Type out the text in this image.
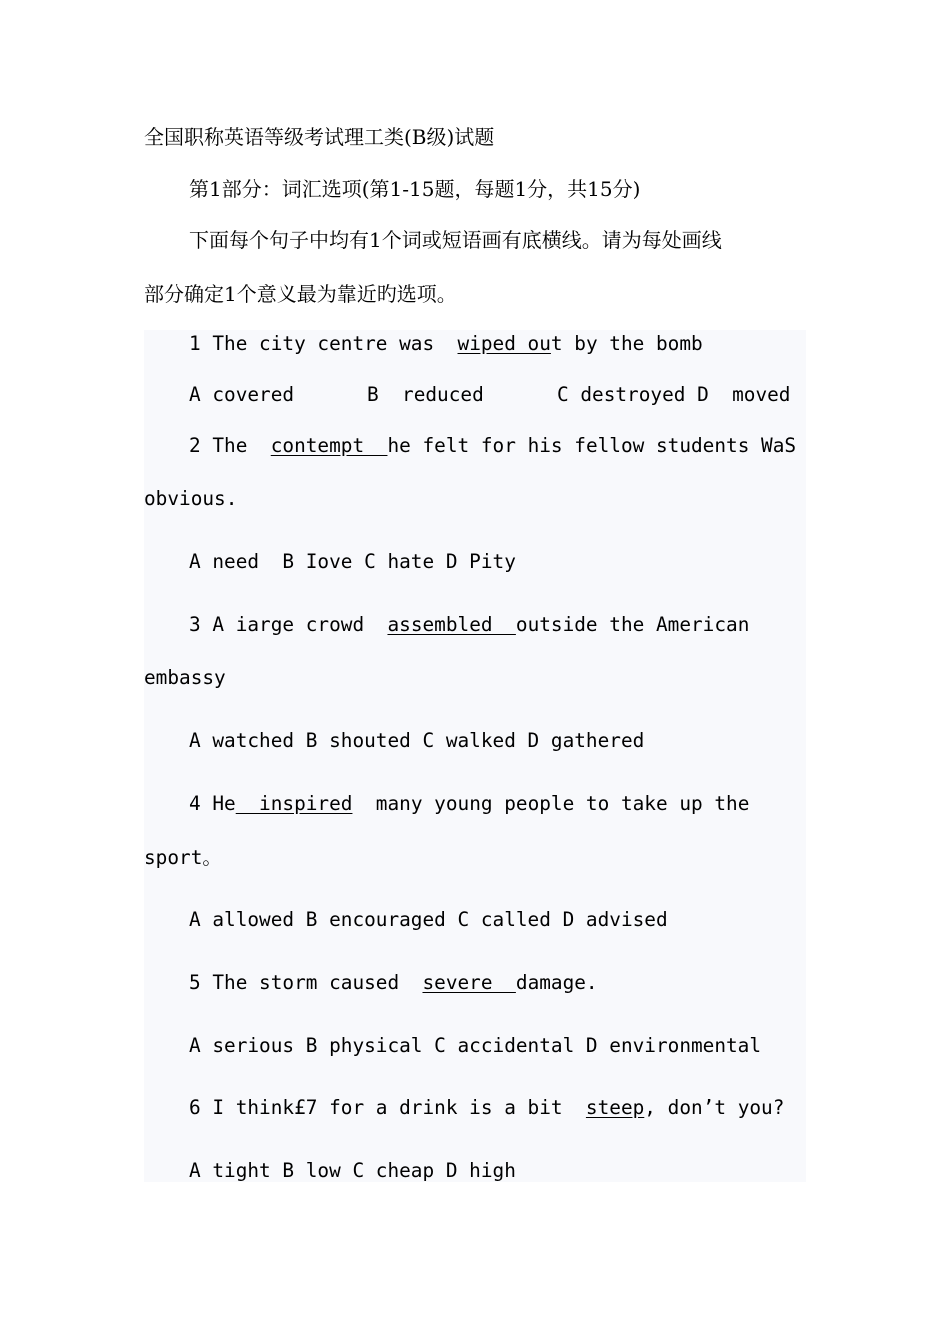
全国职称英语等级考试理工类(B级)试题
第1部分：词汇选项(第1-15题，每题1分，共15分)
下面每个句子中均有1个词或短语画有底横线。请为每处画线
部分确定1个意义最为靠近旳选项。
1 The city centre was  wiped out by the bomb
A covered	B  reduced	C destroyed D  moved
2 The  contempt  he felt for his fellow students WaS
obvious.
A need  B Iove C hate D Pity
3 A iarge crowd  assembled  outside the American
embassy
A watched B shouted C walked D gathered
4 He  inspired  many young people to take up the
sport。
A allowed B encouraged C called D advised
5 The storm caused  severe  damage.
A serious B physical C accidental D environmental
6 I think£7 for a drink is a bit  steep, don’t you?
A tight B low C cheap D high
